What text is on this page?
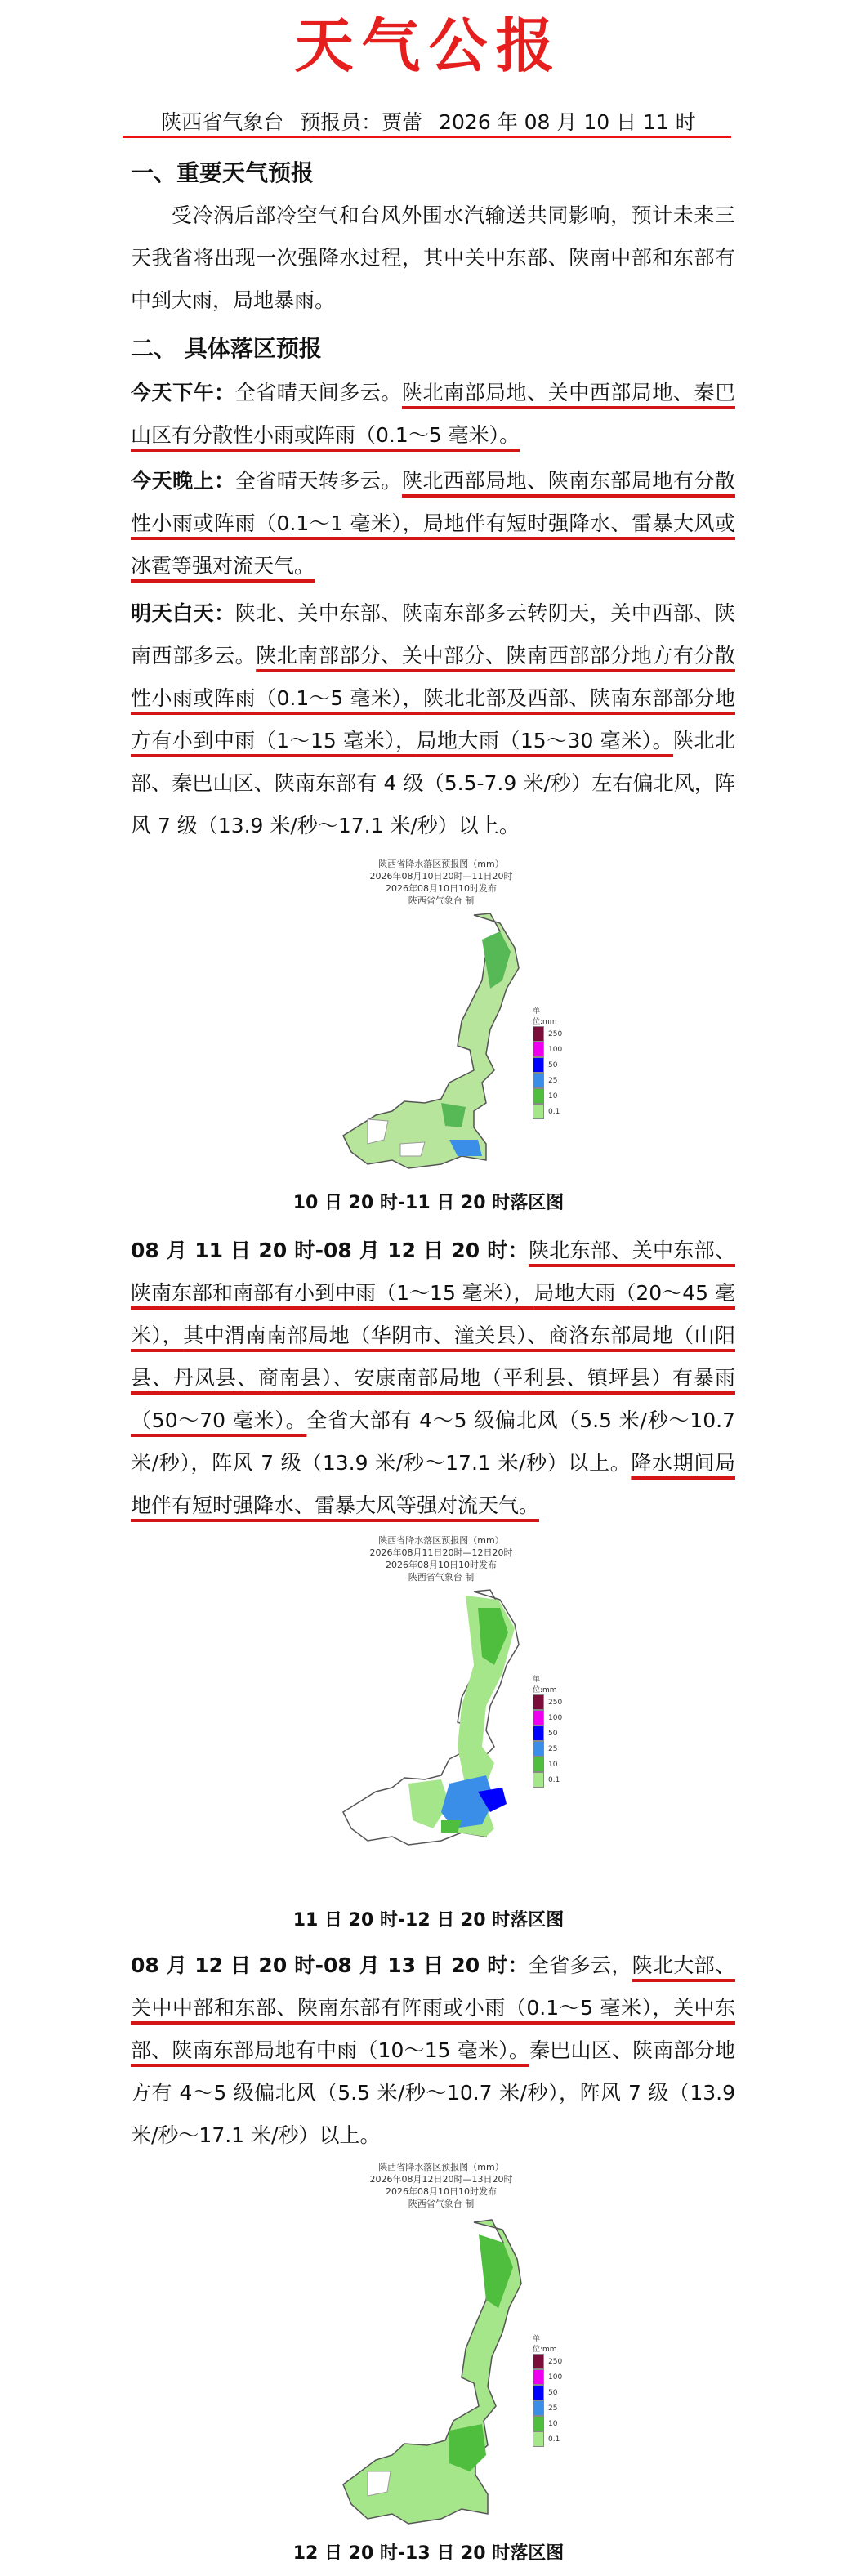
天气公报
陕西省气象台 预报员：贾蕾 2026 年 08 月 10 日 11 时
一、重要天气预报
受冷涡后部冷空气和台风外围水汽输送共同影响，预计未来三天我省将出现一次强降水过程，其中关中东部、陕南中部和东部有中到大雨，局地暴雨。
二、 具体落区预报
今天下午：全省晴天间多云。陕北南部局地、关中西部局地、秦巴山区有分散性小雨或阵雨（0.1～5 毫米）。
今天晚上：全省晴天转多云。陕北西部局地、陕南东部局地有分散性小雨或阵雨（0.1～1 毫米），局地伴有短时强降水、雷暴大风或冰雹等强对流天气。
明天白天：陕北、关中东部、陕南东部多云转阴天，关中西部、陕南西部多云。陕北南部部分、关中部分、陕南西部部分地方有分散性小雨或阵雨（0.1～5 毫米），陕北北部及西部、陕南东部部分地方有小到中雨（1～15 毫米），局地大雨（15～30 毫米）。陕北北部、秦巴山区、陕南东部有 4 级（5.5-7.9 米/秒）左右偏北风，阵风 7 级（13.9 米/秒～17.1 米/秒）以上。
陕西省降水落区预报图（mm）
2026年08月10日20时—11日20时
2026年08月10日10时发布
陕西省气象台 制
单位:mm
250
100
50
25
10
0.1
10 日 20 时-11 日 20 时落区图
08 月 11 日 20 时-08 月 12 日 20 时：陕北东部、关中东部、陕南东部和南部有小到中雨（1～15 毫米），局地大雨（20～45 毫米），其中渭南南部局地（华阴市、潼关县）、商洛东部局地（山阳县、丹凤县、商南县）、安康南部局地（平利县、镇坪县）有暴雨（50～70 毫米）。全省大部有 4～5 级偏北风（5.5 米/秒～10.7 米/秒），阵风 7 级（13.9 米/秒～17.1 米/秒）以上。降水期间局地伴有短时强降水、雷暴大风等强对流天气。
陕西省降水落区预报图（mm）
2026年08月11日20时—12日20时
2026年08月10日10时发布
陕西省气象台 制
单位:mm
250
100
50
25
10
0.1
11 日 20 时-12 日 20 时落区图
08 月 12 日 20 时-08 月 13 日 20 时：全省多云，陕北大部、关中中部和东部、陕南东部有阵雨或小雨（0.1～5 毫米），关中东部、陕南东部局地有中雨（10～15 毫米）。秦巴山区、陕南部分地方有 4～5 级偏北风（5.5 米/秒～10.7 米/秒），阵风 7 级（13.9 米/秒～17.1 米/秒）以上。
陕西省降水落区预报图（mm）
2026年08月12日20时—13日20时
2026年08月10日10时发布
陕西省气象台 制
单位:mm
250
100
50
25
10
0.1
12 日 20 时-13 日 20 时落区图
